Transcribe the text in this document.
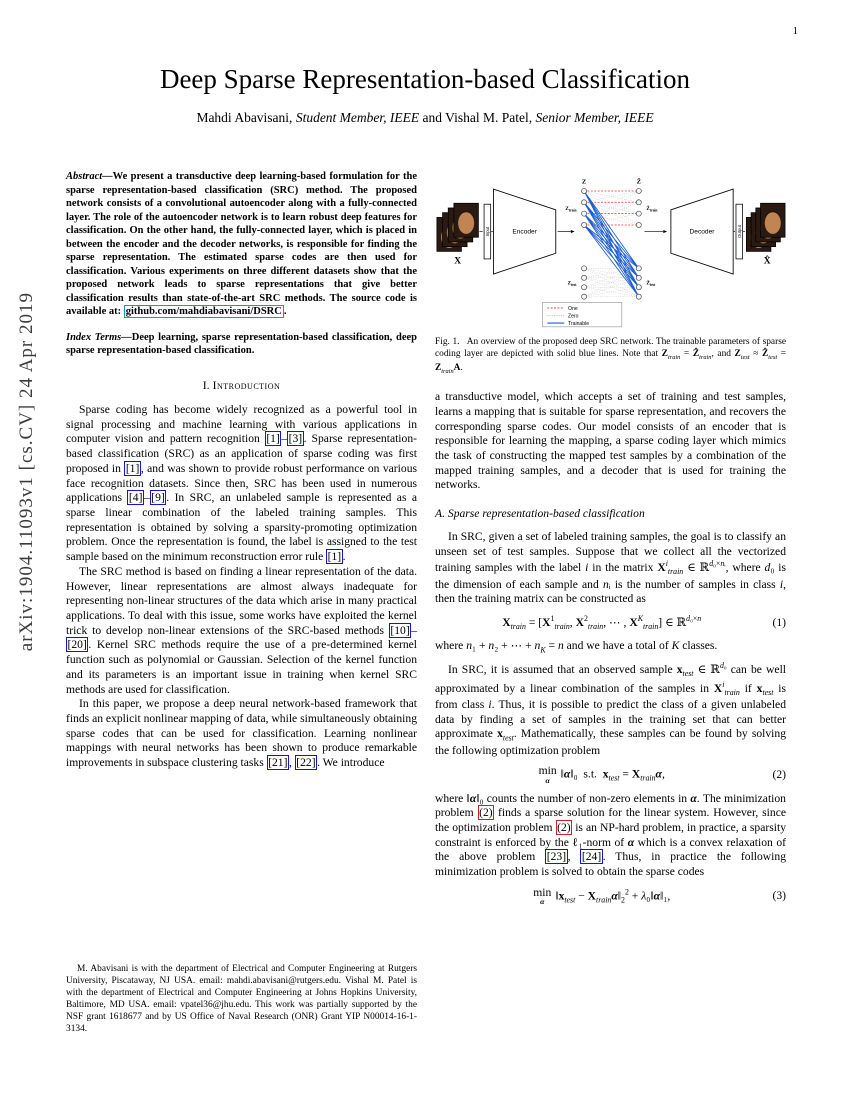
1
arXiv:1904.11093v1 [cs.CV] 24 Apr 2019
Deep Sparse Representation-based Classification
Mahdi Abavisani, Student Member, IEEE and Vishal M. Patel, Senior Member, IEEE

Abstract—We present a transductive deep learning-based formulation for the sparse representation-based classification (SRC) method. The proposed network consists of a convolutional autoencoder along with a fully-connected layer. The role of the autoencoder network is to learn robust deep features for classification. On the other hand, the fully-connected layer, which is placed in between the encoder and the decoder networks, is responsible for finding the sparse representation. The estimated sparse codes are then used for classification. Various experiments on three different datasets show that the proposed network leads to sparse representations that give better classification results than state-of-the-art SRC methods. The source code is available at: github.com/mahdiabavisani/DSRC .

Index Terms—Deep learning, sparse representation-based classification, deep sparse representation-based classification.

I. Introduction

Sparse coding has become widely recognized as a powerful tool in signal processing and machine learning with various applications in computer vision and pattern recognition [1] – [3] . Sparse representation-based classification (SRC) as an application of sparse coding was first proposed in [1] , and was shown to provide robust performance on various face recognition datasets. Since then, SRC has been used in numerous applications [4] – [9] . In SRC, an unlabeled sample is represented as a sparse linear combination of the labeled training samples. This representation is obtained by solving a sparsity-promoting optimization problem. Once the representation is found, the label is assigned to the test sample based on the minimum reconstruction error rule [1] .

The SRC method is based on finding a linear representation of the data. However, linear representations are almost always inadequate for representing non-linear structures of the data which arise in many practical applications. To deal with this issue, some works have exploited the kernel trick to develop non-linear extensions of the SRC-based methods [10] –[20] . Kernel SRC methods require the use of a pre-determined kernel function such as polynomial or Gaussian. Selection of the kernel function and its parameters is an important issue in training when kernel SRC methods are used for classification.

In this paper, we propose a deep neural network-based framework that finds an explicit nonlinear mapping of data, while simultaneously obtaining sparse codes that can be used for classification. Learning nonlinear mappings with neural networks has been shown to produce remarkable improvements in subspace clustering tasks [21] , [22] . We introduce

M. Abavisani is with the department of Electrical and Computer Engineering at Rutgers University, Piscataway, NJ USA. email: mahdi.abavisani@rutgers.edu. Vishal M. Patel is with the department of Electrical and Computer Engineering at Johns Hopkins University, Baltimore, MD USA. email: vpatel36@jhu.edu. This work was partially supported by the NSF grant 1618677 and by US Office of Naval Research (ONR) Grant YIP N00014-16-1-3134.
X
Input	Encoder
Z	Ẑ
$Z_{train}$	Ẑ$_{train}$
$Z_{test}$	Ẑ$_{test}$
One
Zero
Trainable
Decoder	Output
X̂
Fig. 1.   An overview of the proposed deep SRC network. The trainable parameters of sparse coding layer are depicted with solid blue lines. Note that $Z_{train}$ = Ẑ$_{train}$, and $Z_{test}$ ≈ Ẑ$_{test}$ = $Z_{train}A$.

a transductive model, which accepts a set of training and test samples, learns a mapping that is suitable for sparse representation, and recovers the corresponding sparse codes. Our model consists of an encoder that is responsible for learning the mapping, a sparse coding layer which mimics the task of constructing the mapped test samples by a combination of the mapped training samples, and a decoder that is used for training the networks.

A. Sparse representation-based classification

In SRC, given a set of labeled training samples, the goal is to classify an unseen set of test samples. Suppose that we collect all the vectorized training samples with the label i in the matrix $X^i_{train}$ ∈ ℝ$^{d_0\times nᵢ}$, where d₀ is the dimension of each sample and nᵢ is the number of samples in class i, then the training matrix can be constructed as

$X_{train} = [X^1_{train}$, $X^2_{train}$, ⋯ , $X^K_{train}$] ∈ ℝ$^{d_0\times n}$	(1)

where n₁ + n₂ + ⋯ + $n_K = n$ and we have a total of K classes.

In SRC, it is assumed that an observed sample $x_{test}$ ∈ ℝ$^{d_0}$ can be well approximated by a linear combination of the samples in $X^i_{train}$ if $x_{test}$ is from class i. Thus, it is possible to predict the class of a given unlabeled data by finding a set of samples in the training set that can better approximate $x_{test}$. Mathematically, these samples can be found by solving the following optimization problem

min
α ‖α‖₀  s.t.  $x_{test} = X_{train}\alpha$,	(2)

where ‖α‖₀ counts the number of non-zero elements in α. The minimization problem (2) finds a sparse solution for the linear system. However, since the optimization problem (2) is an NP-hard problem, in practice, a sparsity constraint is enforced by the ℓ₁-norm of α which is a convex relaxation of the above problem [23] , [24] . Thus, in practice the following minimization problem is solved to obtain the sparse codes

min
α $‖x_{test}$ − $X_{train}\alpha‖_2^2$ + λ₀‖α‖₁,	(3)
